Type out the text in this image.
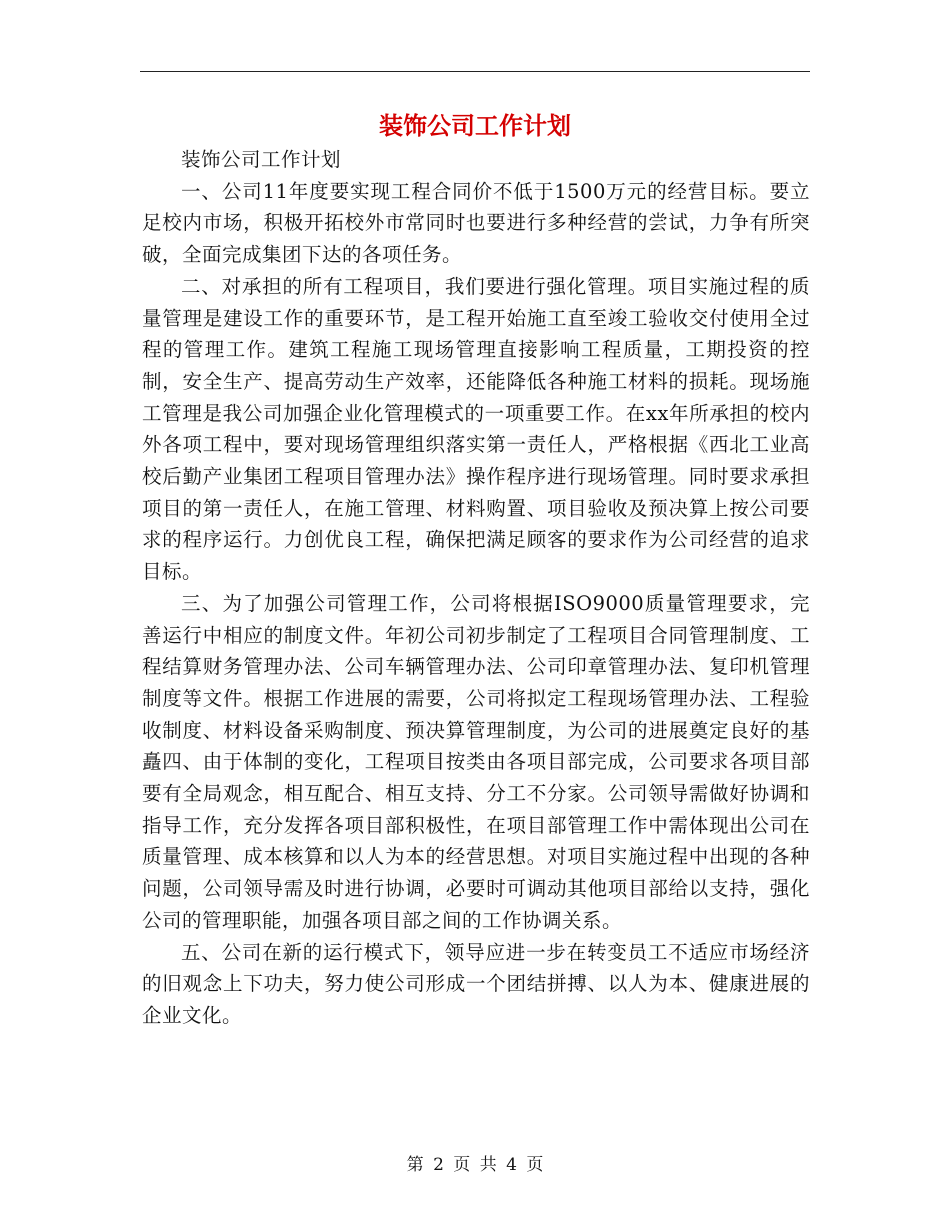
装饰公司工作计划

装饰公司工作计划

一、公司11年度要实现工程合同价不低于1500万元的经营目标。要立足校内市场，积极开拓校外市常同时也要进行多种经营的尝试，力争有所突破，全面完成集团下达的各项任务。

二、对承担的所有工程项目，我们要进行强化管理。项目实施过程的质量管理是建设工作的重要环节，是工程开始施工直至竣工验收交付使用全过程的管理工作。建筑工程施工现场管理直接影响工程质量，工期投资的控制，安全生产、提高劳动生产效率，还能降低各种施工材料的损耗。现场施工管理是我公司加强企业化管理模式的一项重要工作。在xx年所承担的校内外各项工程中，要对现场管理组织落实第一责任人，严格根据《西北工业高校后勤产业集团工程项目管理办法》操作程序进行现场管理。同时要求承担项目的第一责任人，在施工管理、材料购置、项目验收及预决算上按公司要求的程序运行。力创优良工程，确保把满足顾客的要求作为公司经营的追求目标。

三、为了加强公司管理工作，公司将根据ISO9000质量管理要求，完善运行中相应的制度文件。年初公司初步制定了工程项目合同管理制度、工程结算财务管理办法、公司车辆管理办法、公司印章管理办法、复印机管理制度等文件。根据工作进展的需要，公司将拟定工程现场管理办法、工程验收制度、材料设备采购制度、预决算管理制度，为公司的进展奠定良好的基矗四、由于体制的变化，工程项目按类由各项目部完成，公司要求各项目部要有全局观念，相互配合、相互支持、分工不分家。公司领导需做好协调和指导工作，充分发挥各项目部积极性，在项目部管理工作中需体现出公司在质量管理、成本核算和以人为本的经营思想。对项目实施过程中出现的各种问题，公司领导需及时进行协调，必要时可调动其他项目部给以支持，强化公司的管理职能，加强各项目部之间的工作协调关系。

五、公司在新的运行模式下，领导应进一步在转变员工不适应市场经济的旧观念上下功夫，努力使公司形成一个团结拼搏、以人为本、健康进展的企业文化。

第 2 页 共 4 页
